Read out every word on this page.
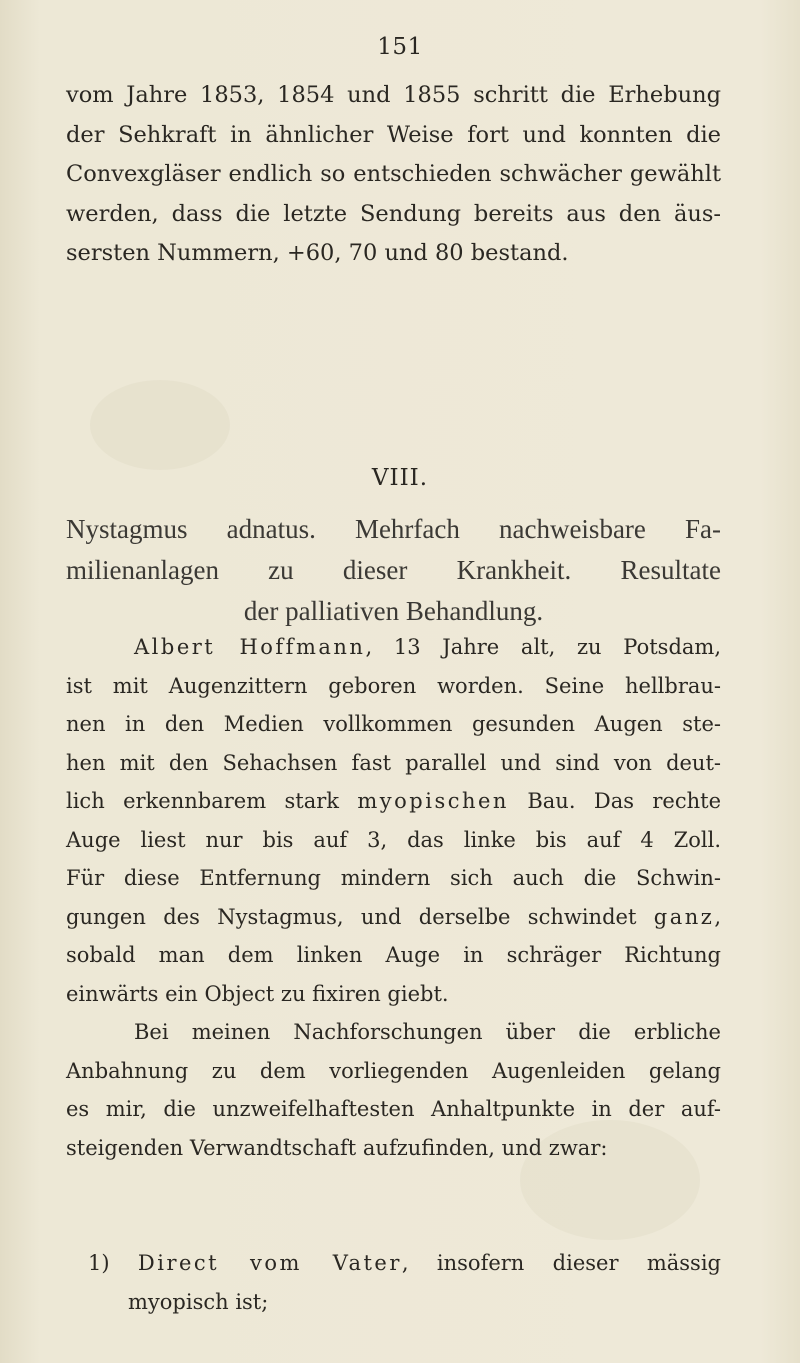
151
vom Jahre 1853, 1854 und 1855 schritt die Erhebung
der Sehkraft in ähnlicher Weise fort und konnten die
Convexgläser endlich so entschieden schwächer gewählt
werden, dass die letzte Sendung bereits aus den äus-
sersten Nummern, +60, 70 und 80 bestand.
VIII.
Nystagmus adnatus. Mehrfach nachweisbare Fa-
milienanlagen zu dieser Krankheit. Resultate
der palliativen Behandlung.
Albert Hoffmann, 13 Jahre alt, zu Potsdam,
ist mit Augenzittern geboren worden. Seine hellbrau-
nen in den Medien vollkommen gesunden Augen ste-
hen mit den Sehachsen fast parallel und sind von deut-
lich erkennbarem stark myopischen Bau. Das rechte
Auge liest nur bis auf 3, das linke bis auf 4 Zoll.
Für diese Entfernung mindern sich auch die Schwin-
gungen des Nystagmus, und derselbe schwindet ganz,
sobald man dem linken Auge in schräger Richtung
einwärts ein Object zu fixiren giebt.
Bei meinen Nachforschungen über die erbliche
Anbahnung zu dem vorliegenden Augenleiden gelang
es mir, die unzweifelhaftesten Anhaltpunkte in der auf-
steigenden Verwandtschaft aufzufinden, und zwar:
1) Direct vom Vater, insofern dieser mässig
myopisch ist;
